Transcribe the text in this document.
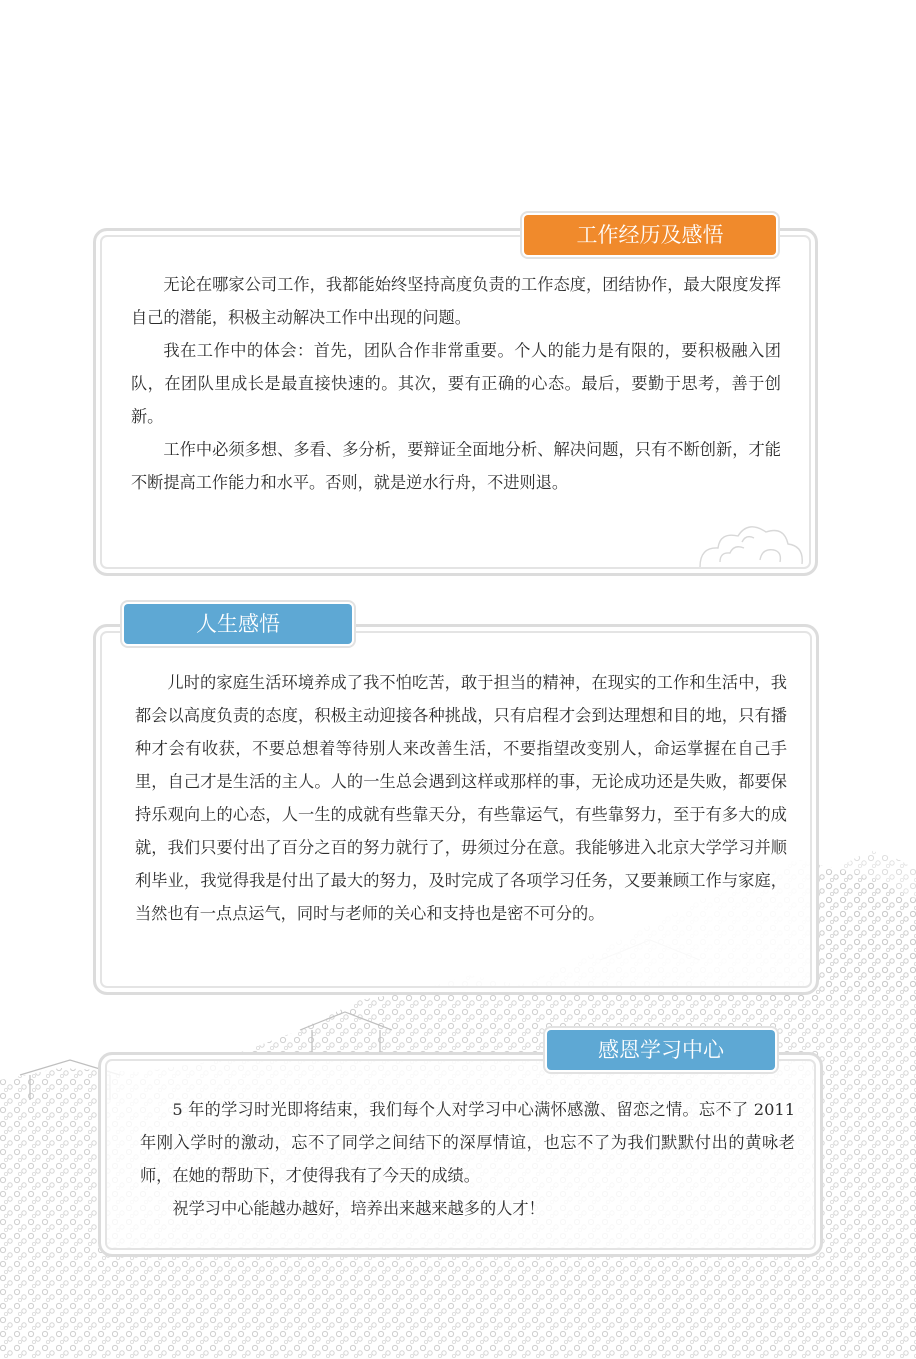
工作经历及感悟

无论在哪家公司工作，我都能始终坚持高度负责的工作态度，团结协作，最大限度发挥自己的潜能，积极主动解决工作中出现的问题。

我在工作中的体会：首先，团队合作非常重要。个人的能力是有限的，要积极融入团队，在团队里成长是最直接快速的。其次，要有正确的心态。最后，要勤于思考，善于创新。

工作中必须多想、多看、多分析，要辩证全面地分析、解决问题，只有不断创新，才能不断提高工作能力和水平。否则，就是逆水行舟，不进则退。

人生感悟

儿时的家庭生活环境养成了我不怕吃苦，敢于担当的精神，在现实的工作和生活中，我都会以高度负责的态度，积极主动迎接各种挑战，只有启程才会到达理想和目的地，只有播种才会有收获，不要总想着等待别人来改善生活，不要指望改变别人，命运掌握在自己手里，自己才是生活的主人。人的一生总会遇到这样或那样的事，无论成功还是失败，都要保持乐观向上的心态，人一生的成就有些靠天分，有些靠运气，有些靠努力，至于有多大的成就，我们只要付出了百分之百的努力就行了，毋须过分在意。我能够进入北京大学学习并顺利毕业，我觉得我是付出了最大的努力，及时完成了各项学习任务，又要兼顾工作与家庭，当然也有一点点运气，同时与老师的关心和支持也是密不可分的。

感恩学习中心

5 年的学习时光即将结束，我们每个人对学习中心满怀感激、留恋之情。忘不了 2011 年刚入学时的激动，忘不了同学之间结下的深厚情谊，也忘不了为我们默默付出的黄咏老师，在她的帮助下，才使得我有了今天的成绩。

祝学习中心能越办越好，培养出来越来越多的人才！
